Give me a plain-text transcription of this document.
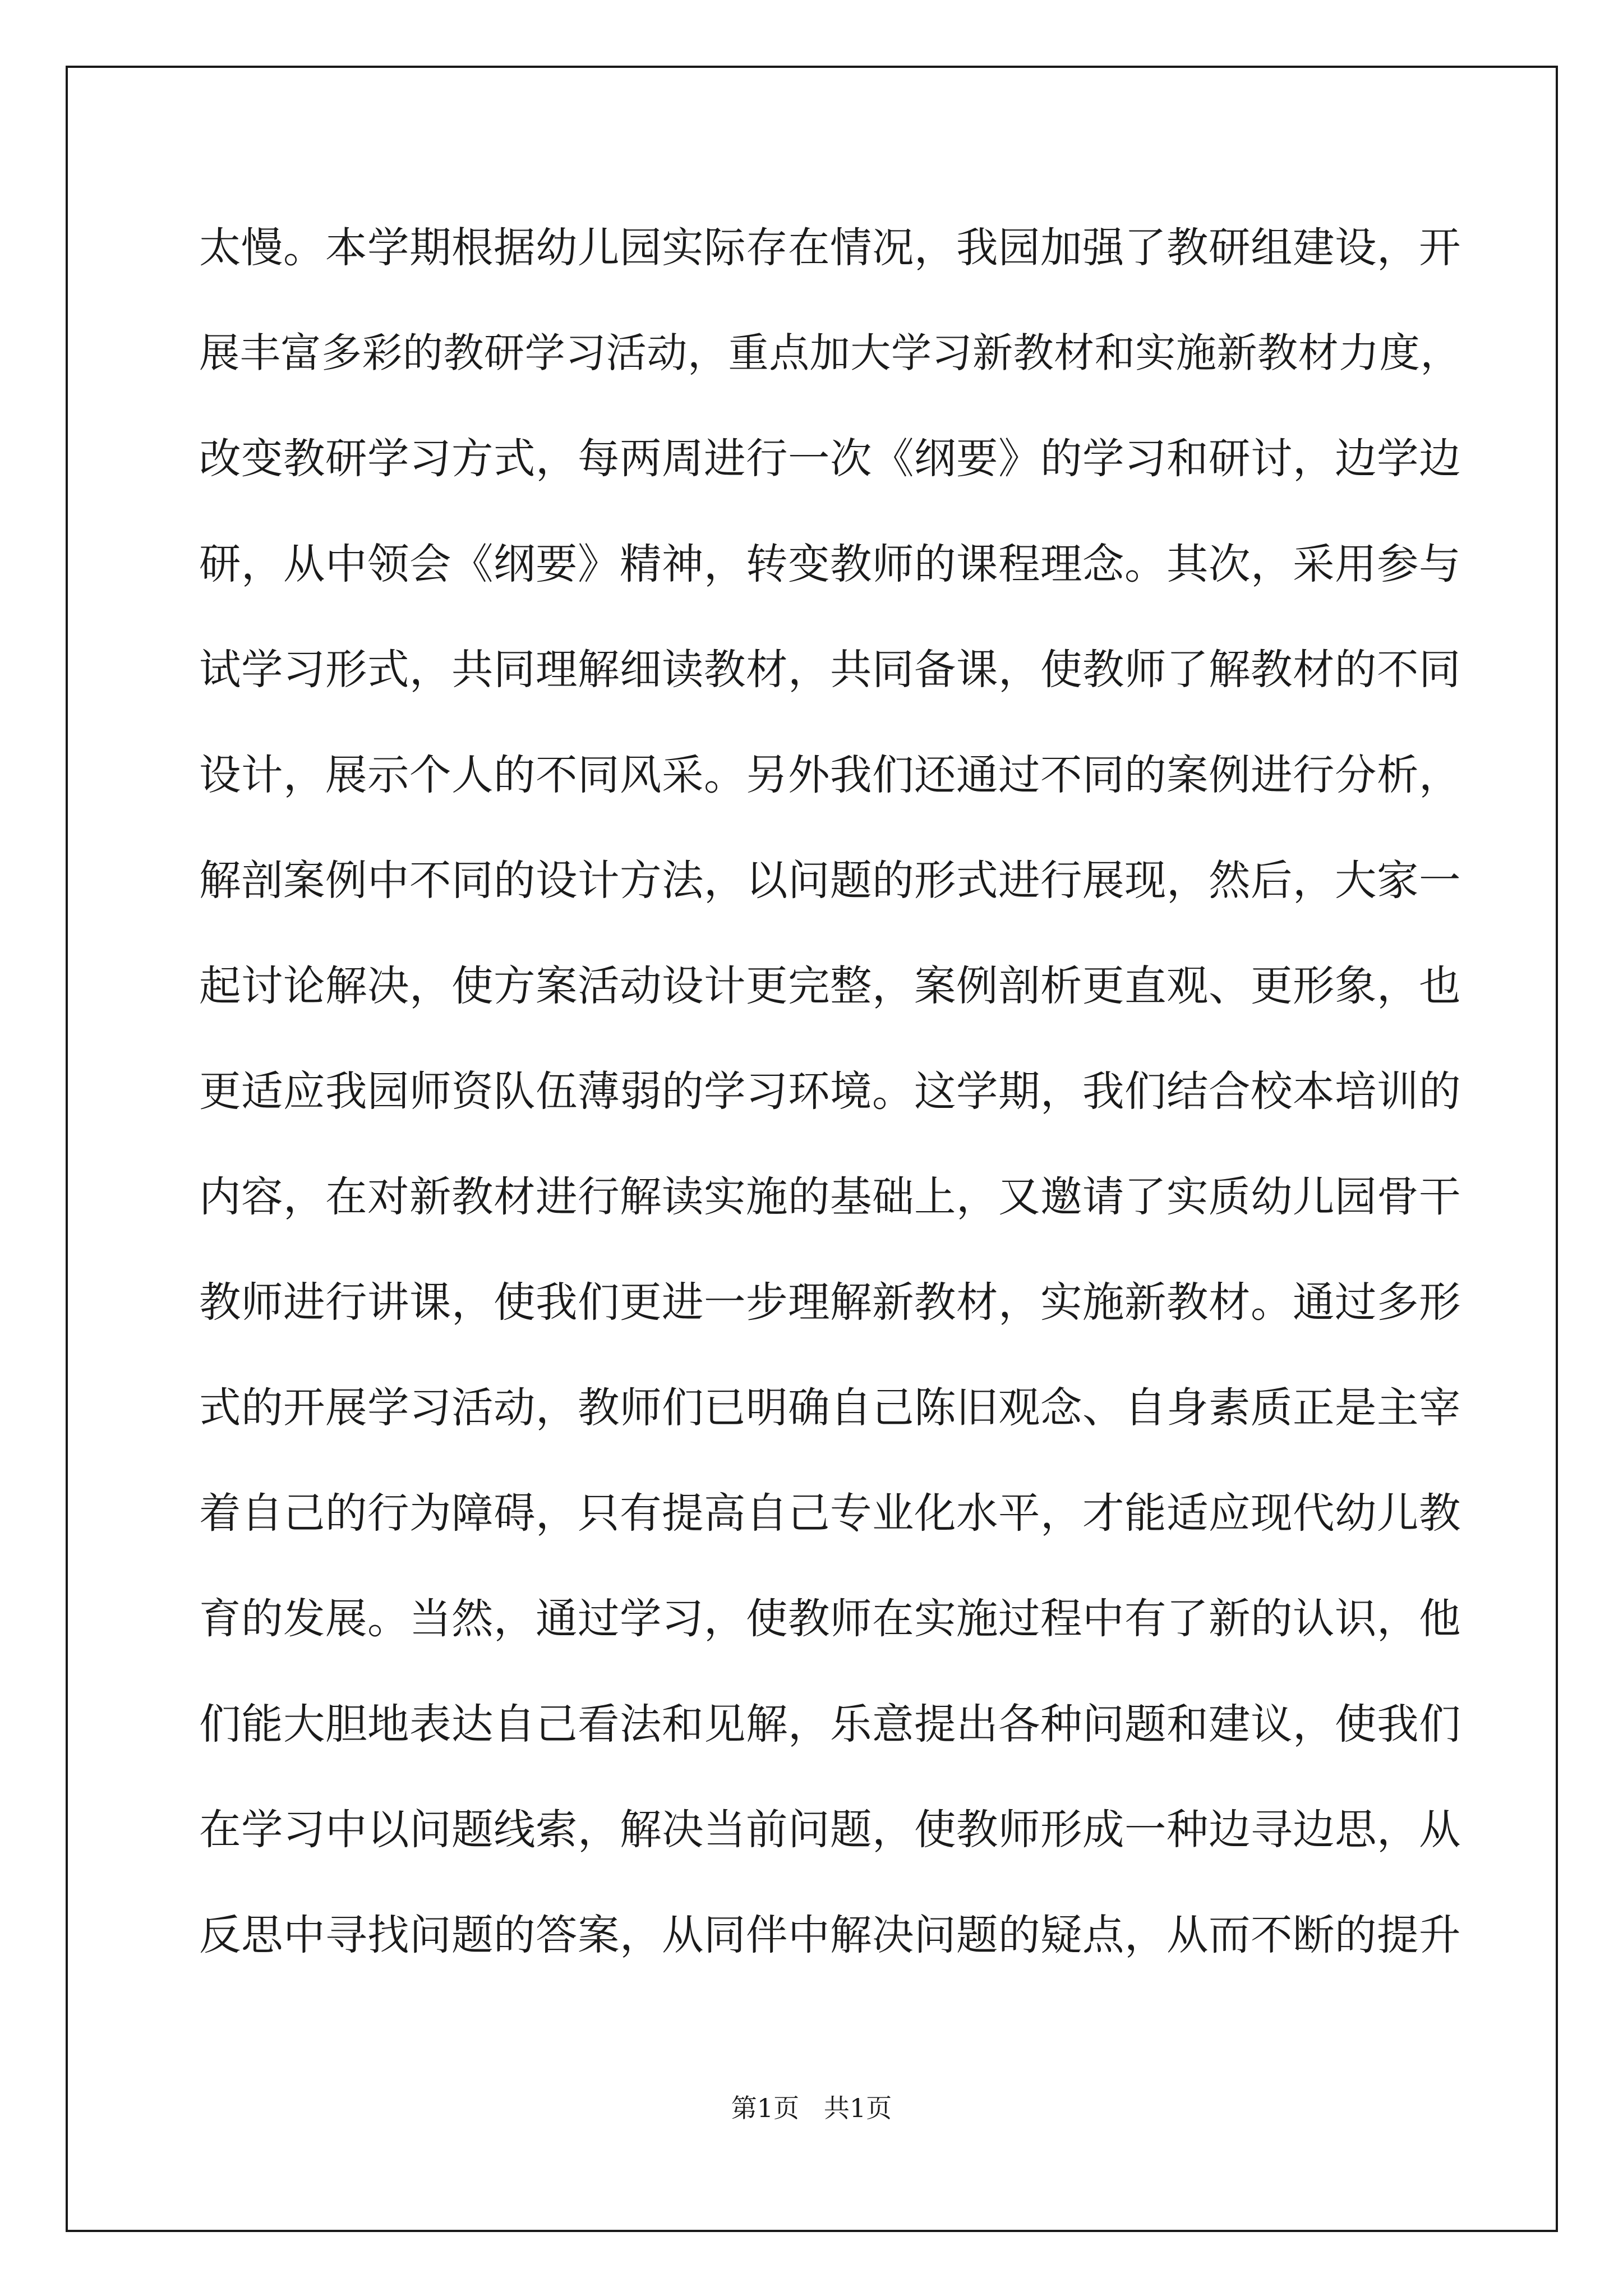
太慢。本学期根据幼儿园实际存在情况，我园加强了教研组建设，开
展丰富多彩的教研学习活动，重点加大学习新教材和实施新教材力度，
改变教研学习方式，每两周进行一次《纲要》的学习和研讨，边学边
研，从中领会《纲要》精神，转变教师的课程理念。其次，采用参与
试学习形式，共同理解细读教材，共同备课，使教师了解教材的不同
设计，展示个人的不同风采。另外我们还通过不同的案例进行分析，
解剖案例中不同的设计方法，以问题的形式进行展现，然后，大家一
起讨论解决，使方案活动设计更完整，案例剖析更直观、更形象，也
更适应我园师资队伍薄弱的学习环境。这学期，我们结合校本培训的
内容，在对新教材进行解读实施的基础上，又邀请了实质幼儿园骨干
教师进行讲课，使我们更进一步理解新教材，实施新教材。通过多形
式的开展学习活动，教师们已明确自己陈旧观念、自身素质正是主宰
着自己的行为障碍，只有提高自己专业化水平，才能适应现代幼儿教
育的发展。当然，通过学习，使教师在实施过程中有了新的认识，他
们能大胆地表达自己看法和见解，乐意提出各种问题和建议，使我们
在学习中以问题线索，解决当前问题，使教师形成一种边寻边思，从
反思中寻找问题的答案，从同伴中解决问题的疑点，从而不断的提升
第1页   共1页
